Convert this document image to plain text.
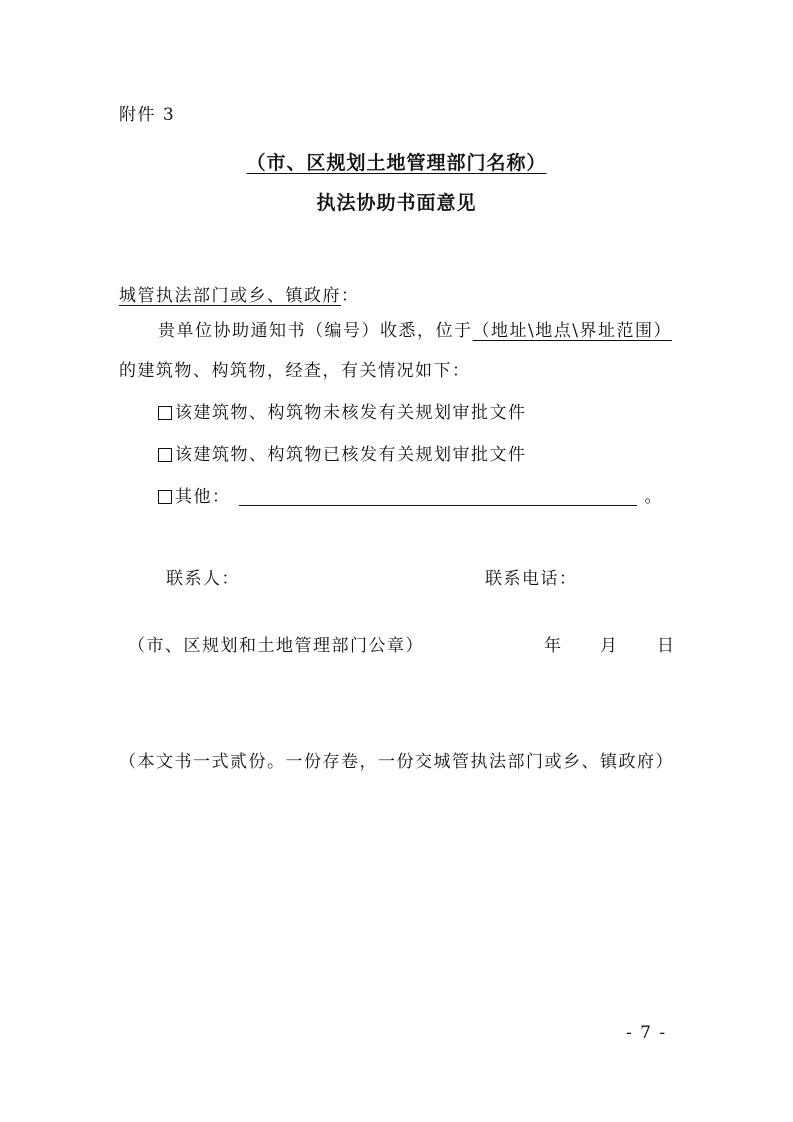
附件 3
（市、区规划土地管理部门名称）
执法协助书面意见
城管执法部门或乡、镇政府：
贵单位协助通知书（编号）收悉，位于（地址\地点\界址范围）
的建筑物、构筑物，经查，有关情况如下：
该建筑物、构筑物未核发有关规划审批文件
该建筑物、构筑物已核发有关规划审批文件
其他：	。
联系人：	联系电话：
（市、区规划和土地管理部门公章）	年 月 日
（本文书一式贰份。一份存卷，一份交城管执法部门或乡、镇政府）
- 7 -
